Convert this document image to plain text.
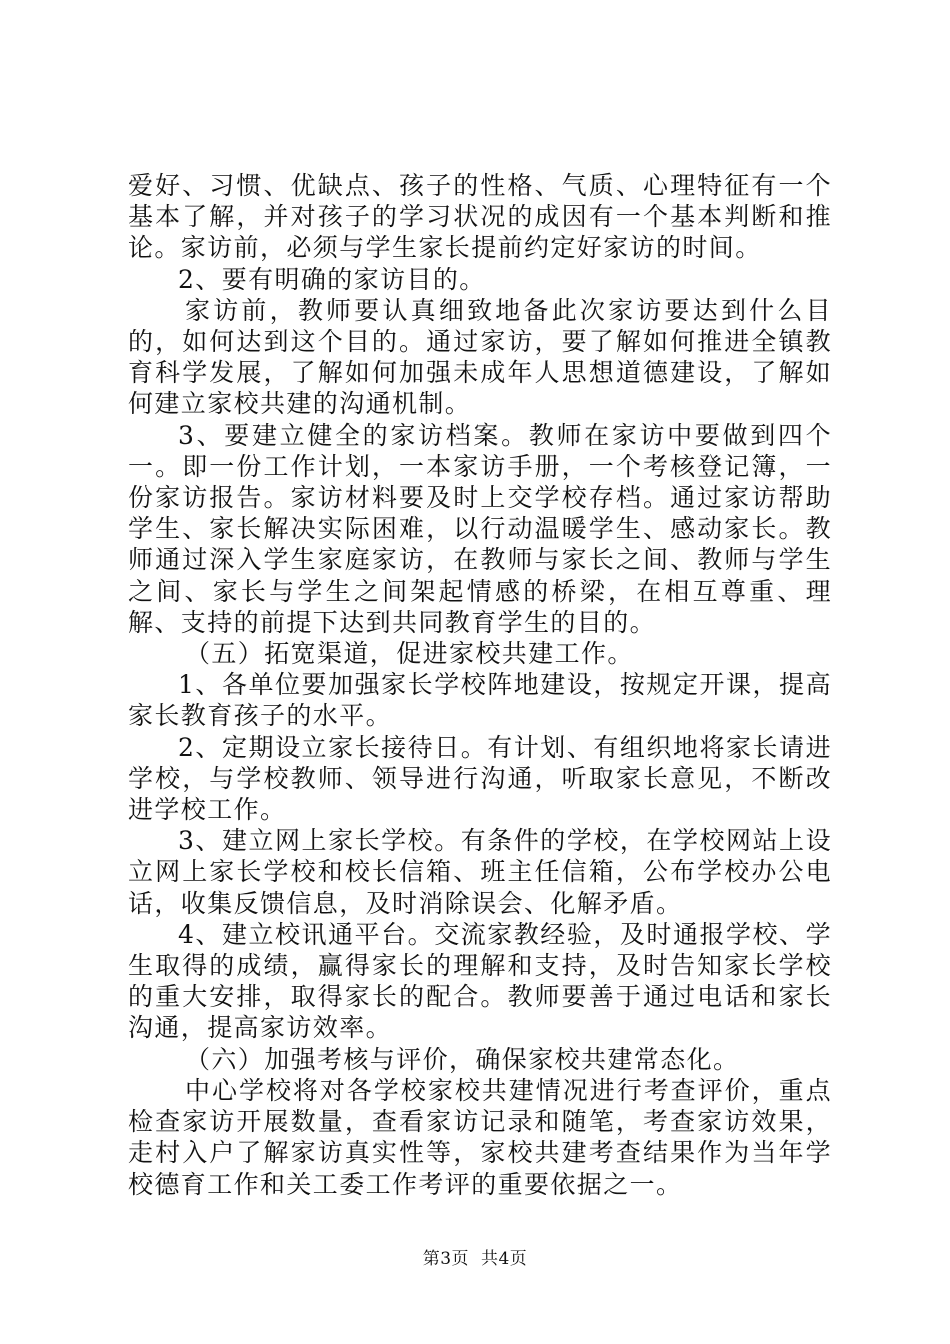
爱好、习惯、优缺点、孩子的性格、气质、心理特征有一个基本了解，并对孩子的学习状况的成因有一个基本判断和推论。家访前，必须与学生家长提前约定好家访的时间。

2、要有明确的家访目的。

家访前，教师要认真细致地备此次家访要达到什么目的，如何达到这个目的。通过家访，要了解如何推进全镇教育科学发展，了解如何加强未成年人思想道德建设，了解如何建立家校共建的沟通机制。

3、要建立健全的家访档案。教师在家访中要做到四个一。即一份工作计划，一本家访手册，一个考核登记簿，一份家访报告。家访材料要及时上交学校存档。通过家访帮助学生、家长解决实际困难，以行动温暖学生、感动家长。教师通过深入学生家庭家访，在教师与家长之间、教师与学生之间、家长与学生之间架起情感的桥梁，在相互尊重、理解、支持的前提下达到共同教育学生的目的。

（五）拓宽渠道，促进家校共建工作。

1、各单位要加强家长学校阵地建设，按规定开课，提高家长教育孩子的水平。

2、定期设立家长接待日。有计划、有组织地将家长请进学校，与学校教师、领导进行沟通，听取家长意见，不断改进学校工作。

3、建立网上家长学校。有条件的学校，在学校网站上设立网上家长学校和校长信箱、班主任信箱，公布学校办公电话，收集反馈信息，及时消除误会、化解矛盾。

4、建立校讯通平台。交流家教经验，及时通报学校、学生取得的成绩，赢得家长的理解和支持，及时告知家长学校的重大安排，取得家长的配合。教师要善于通过电话和家长沟通，提高家访效率。

（六）加强考核与评价，确保家校共建常态化。

中心学校将对各学校家校共建情况进行考查评价，重点检查家访开展数量，查看家访记录和随笔，考查家访效果，走村入户了解家访真实性等，家校共建考查结果作为当年学校德育工作和关工委工作考评的重要依据之一。

第3页 共4页
